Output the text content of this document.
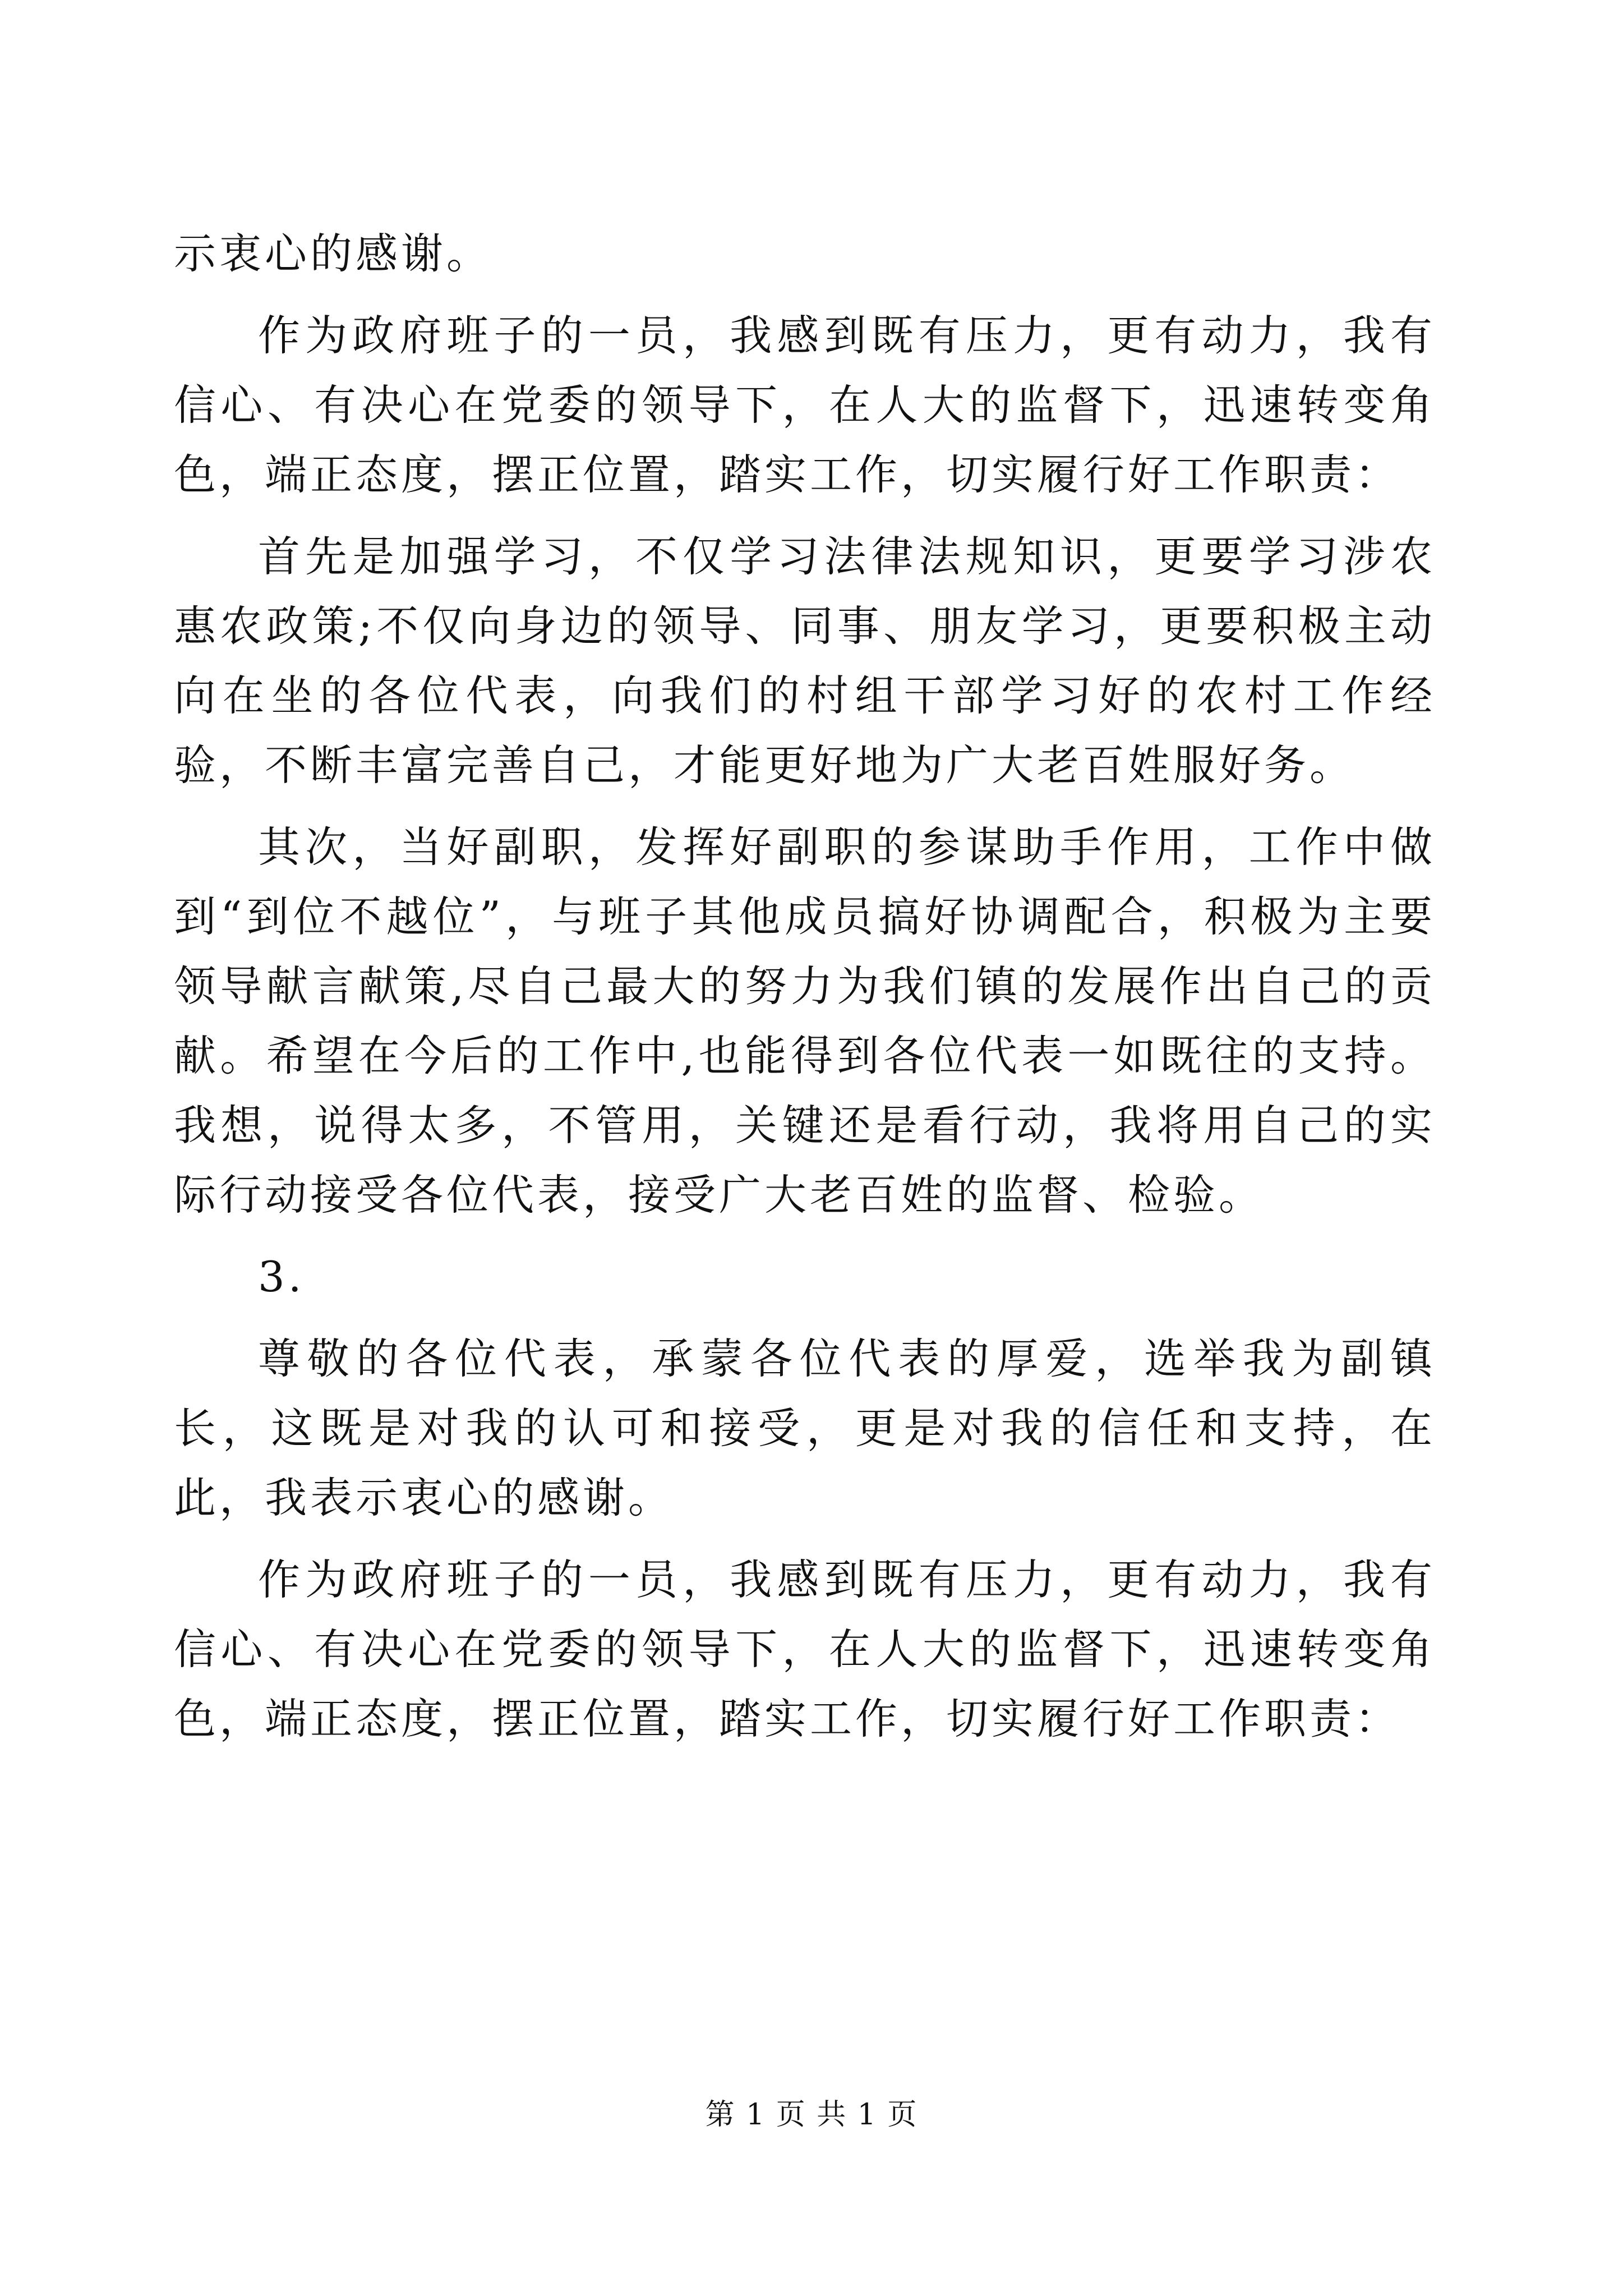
示衷心的感谢。

作为政府班子的一员，我感到既有压力，更有动力，我有信心、有决心在党委的领导下，在人大的监督下，迅速转变角色，端正态度，摆正位置，踏实工作，切实履行好工作职责：

首先是加强学习，不仅学习法律法规知识，更要学习涉农惠农政策;不仅向身边的领导、同事、朋友学习，更要积极主动向在坐的各位代表，向我们的村组干部学习好的农村工作经验，不断丰富完善自己，才能更好地为广大老百姓服好务。

其次，当好副职，发挥好副职的参谋助手作用，工作中做到“到位不越位”，与班子其他成员搞好协调配合，积极为主要领导献言献策,尽自己最大的努力为我们镇的发展作出自己的贡献。希望在今后的工作中,也能得到各位代表一如既往的支持。我想，说得太多，不管用，关键还是看行动，我将用自己的实际行动接受各位代表，接受广大老百姓的监督、检验。

3.

尊敬的各位代表，承蒙各位代表的厚爱，选举我为副镇长，这既是对我的认可和接受，更是对我的信任和支持，在此，我表示衷心的感谢。

作为政府班子的一员，我感到既有压力，更有动力，我有信心、有决心在党委的领导下，在人大的监督下，迅速转变角色，端正态度，摆正位置，踏实工作，切实履行好工作职责：

第 1 页 共 1 页
